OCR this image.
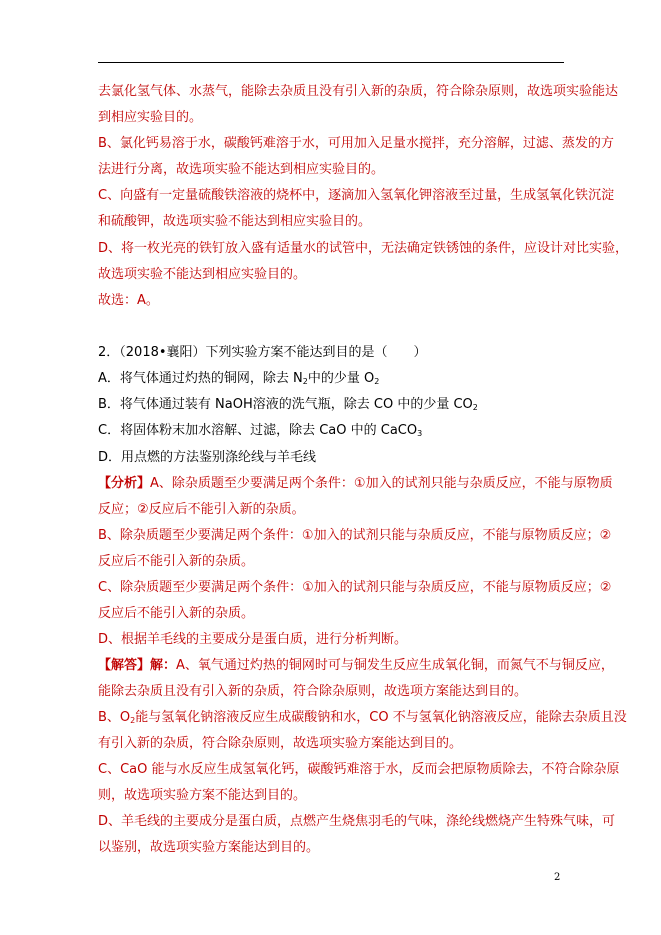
去氯化氢气体、水蒸气，能除去杂质且没有引入新的杂质，符合除杂原则，故选项实验能达
到相应实验目的。
B、氯化钙易溶于水，碳酸钙难溶于水，可用加入足量水搅拌，充分溶解，过滤、蒸发的方
法进行分离，故选项实验不能达到相应实验目的。
C、向盛有一定量硫酸铁溶液的烧杯中，逐滴加入氢氧化钾溶液至过量，生成氢氧化铁沉淀
和硫酸钾，故选项实验不能达到相应实验目的。
D、将一枚光亮的铁钉放入盛有适量水的试管中，无法确定铁锈蚀的条件，应设计对比实验，
故选项实验不能达到相应实验目的。
故选：A。
2．（2018•襄阳）下列实验方案不能达到目的是（　　）
A．将气体通过灼热的铜网，除去 $N_2$中的少量 $O_2$
B．将气体通过装有 NaOH溶液的洗气瓶，除去 CO 中的少量 $CO_2$
C．将固体粉末加水溶解、过滤，除去 CaO 中的 CaCO$_3$
D．用点燃的方法鉴别涤纶线与羊毛线
【分析】A、除杂质题至少要满足两个条件：①加入的试剂只能与杂质反应，不能与原物质
反应；②反应后不能引入新的杂质。
B、除杂质题至少要满足两个条件：①加入的试剂只能与杂质反应，不能与原物质反应；②
反应后不能引入新的杂质。
C、除杂质题至少要满足两个条件：①加入的试剂只能与杂质反应，不能与原物质反应；②
反应后不能引入新的杂质。
D、根据羊毛线的主要成分是蛋白质，进行分析判断。
【解答】解：A、氧气通过灼热的铜网时可与铜发生反应生成氧化铜，而氮气不与铜反应，
能除去杂质且没有引入新的杂质，符合除杂原则，故选项方案能达到目的。
B、$O_2$能与氢氧化钠溶液反应生成碳酸钠和水，CO 不与氢氧化钠溶液反应，能除去杂质且没
有引入新的杂质，符合除杂原则，故选项实验方案能达到目的。
C、CaO 能与水反应生成氢氧化钙，碳酸钙难溶于水，反而会把原物质除去，不符合除杂原
则，故选项实验方案不能达到目的。
D、羊毛线的主要成分是蛋白质，点燃产生烧焦羽毛的气味，涤纶线燃烧产生特殊气味，可
以鉴别，故选项实验方案能达到目的。
2
